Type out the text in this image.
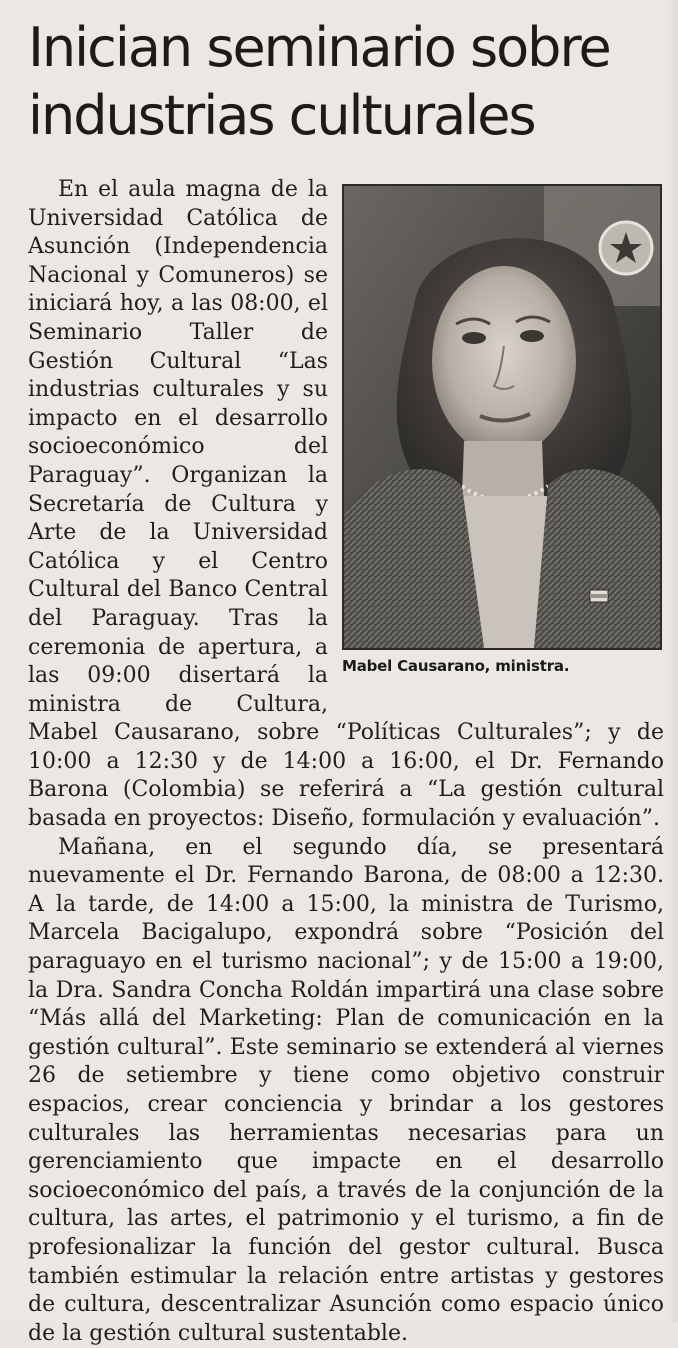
Inician seminario sobre
industrias culturales
Mabel Causarano, ministra.

En el aula magna de la Universidad Católica de Asunción (Independencia Nacional y Comuneros) se iniciará hoy, a las 08:00, el Seminario Taller de Gestión Cultural “Las industrias culturales y su impacto en el desarrollo socioeconómico del Paraguay”. Organizan la Secretaría de Cultura y Arte de la Universidad Católica y el Centro Cultural del Banco Central del Paraguay. Tras la ceremonia de apertura, a las 09:00 disertará la ministra de Cultura, Mabel Causarano, sobre “Políticas Culturales”; y de 10:00 a 12:30 y de 14:00 a 16:00, el Dr. Fernando Barona (Colombia) se referirá a “La gestión cultural basada en proyectos: Diseño, formulación y evaluación”.

Mañana, en el segundo día, se presentará nuevamente el Dr. Fernando Barona, de 08:00 a 12:30. A la tarde, de 14:00 a 15:00, la ministra de Turismo, Marcela Bacigalupo, expondrá sobre “Posición del paraguayo en el turismo nacional”; y de 15:00 a 19:00, la Dra. Sandra Concha Roldán impartirá una clase sobre “Más allá del Marketing: Plan de comunicación en la gestión cultural”. Este seminario se extenderá al viernes 26 de setiembre y tiene como objetivo construir espacios, crear conciencia y brindar a los gestores culturales las herramientas necesarias para un gerenciamiento que impacte en el desarrollo socioeconómico del país, a través de la conjunción de la cultura, las artes, el patrimonio y el turismo, a fin de profesionalizar la función del gestor cultural. Busca también estimular la relación entre artistas y gestores de cultura, descentralizar Asunción como espacio único de la gestión cultural sustentable.
